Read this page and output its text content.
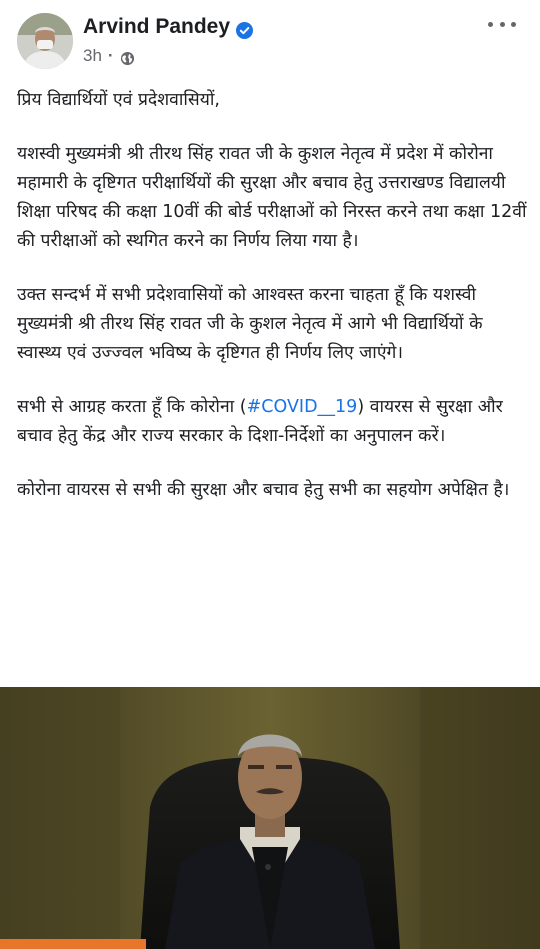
Arvind Pandey
3h ·

प्रिय विद्यार्थियों एवं प्रदेशवासियों,

यशस्वी मुख्यमंत्री श्री तीरथ सिंह रावत जी के कुशल नेतृत्व में प्रदेश में कोरोना महामारी के दृष्टिगत परीक्षार्थियों की सुरक्षा और बचाव हेतु उत्तराखण्ड विद्यालयी शिक्षा परिषद की कक्षा 10वीं की बोर्ड परीक्षाओं को निरस्त करने तथा कक्षा 12वीं की परीक्षाओं को स्थगित करने का निर्णय लिया गया है।

उक्त सन्दर्भ में सभी प्रदेशवासियों को आश्वस्त करना चाहता हूँ कि यशस्वी मुख्यमंत्री श्री तीरथ सिंह रावत जी के कुशल नेतृत्व में आगे भी विद्यार्थियों के स्वास्थ्य एवं उज्ज्वल भविष्य के दृष्टिगत ही निर्णय लिए जाएंगे।

सभी से आग्रह करता हूँ कि कोरोना (#COVID__19) वायरस से सुरक्षा और बचाव हेतु केंद्र और राज्य सरकार के दिशा-निर्देशों का अनुपालन करें।

कोरोना वायरस से सभी की सुरक्षा और बचाव हेतु सभी का सहयोग अपेक्षित है।
